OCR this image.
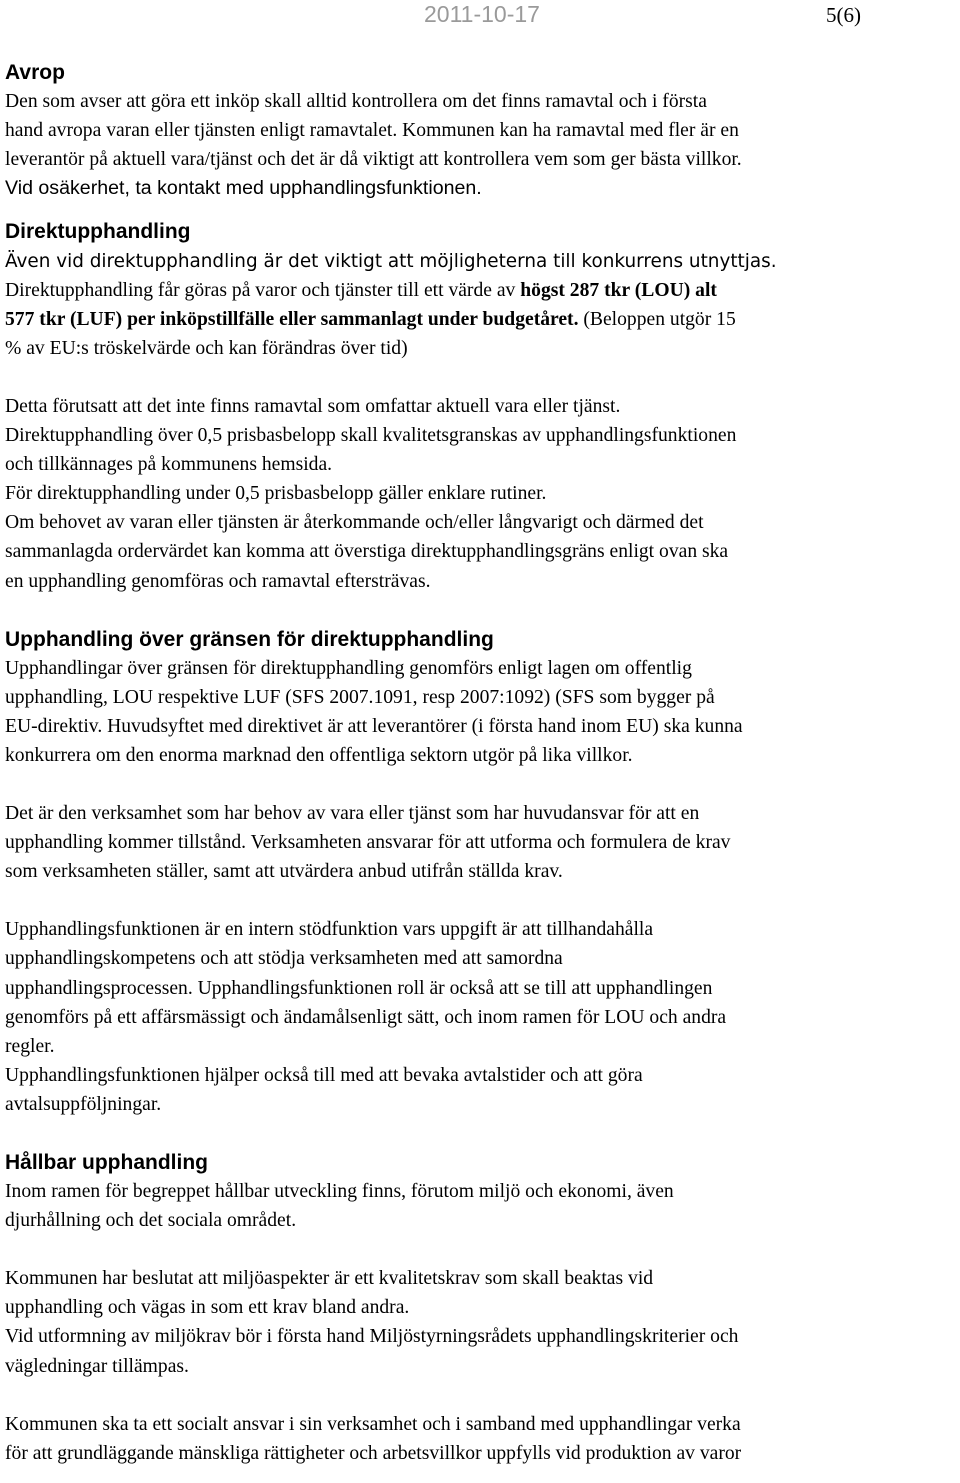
2011-10-17	5(6)
Avrop
Den som avser att göra ett inköp skall alltid kontrollera om det finns ramavtal och i första
hand avropa varan eller tjänsten enligt ramavtalet. Kommunen kan ha ramavtal med fler är en
leverantör på aktuell vara/tjänst och det är då viktigt att kontrollera vem som ger bästa villkor.
Vid osäkerhet, ta kontakt med upphandlingsfunktionen.
Direktupphandling
Även vid direktupphandling är det viktigt att möjligheterna till konkurrens utnyttjas.
Direktupphandling får göras på varor och tjänster till ett värde av högst 287 tkr (LOU) alt
577 tkr (LUF) per inköpstillfälle eller sammanlagt under budgetåret. (Beloppen utgör 15
% av EU:s tröskelvärde och kan förändras över tid)
Detta förutsatt att det inte finns ramavtal som omfattar aktuell vara eller tjänst.
Direktupphandling över 0,5 prisbasbelopp skall kvalitetsgranskas av upphandlingsfunktionen
och tillkännages på kommunens hemsida.
För direktupphandling under 0,5 prisbasbelopp gäller enklare rutiner.
Om behovet av varan eller tjänsten är återkommande och/eller långvarigt och därmed det
sammanlagda ordervärdet kan komma att överstiga direktupphandlingsgräns enligt ovan ska
en upphandling genomföras och ramavtal eftersträvas.
Upphandling över gränsen för direktupphandling
Upphandlingar över gränsen för direktupphandling genomförs enligt lagen om offentlig
upphandling, LOU respektive LUF (SFS 2007.1091, resp 2007:1092) (SFS som bygger på
EU-direktiv. Huvudsyftet med direktivet är att leverantörer (i första hand inom EU) ska kunna
konkurrera om den enorma marknad den offentliga sektorn utgör på lika villkor.
Det är den verksamhet som har behov av vara eller tjänst som har huvudansvar för att en
upphandling kommer tillstånd. Verksamheten ansvarar för att utforma och formulera de krav
som verksamheten ställer, samt att utvärdera anbud utifrån ställda krav.
Upphandlingsfunktionen är en intern stödfunktion vars uppgift är att tillhandahålla
upphandlingskompetens och att stödja verksamheten med att samordna
upphandlingsprocessen. Upphandlingsfunktionen roll är också att se till att upphandlingen
genomförs på ett affärsmässigt och ändamålsenligt sätt, och inom ramen för LOU och andra
regler.
Upphandlingsfunktionen hjälper också till med att bevaka avtalstider och att göra
avtalsuppföljningar.
Hållbar upphandling
Inom ramen för begreppet hållbar utveckling finns, förutom miljö och ekonomi, även
djurhållning och det sociala området.
Kommunen har beslutat att miljöaspekter är ett kvalitetskrav som skall beaktas vid
upphandling och vägas in som ett krav bland andra.
Vid utformning av miljökrav bör i första hand Miljöstyrningsrådets upphandlingskriterier och
vägledningar tillämpas.
Kommunen ska ta ett socialt ansvar i sin verksamhet och i samband med upphandlingar verka
för att grundläggande mänskliga rättigheter och arbetsvillkor uppfylls vid produktion av varor
